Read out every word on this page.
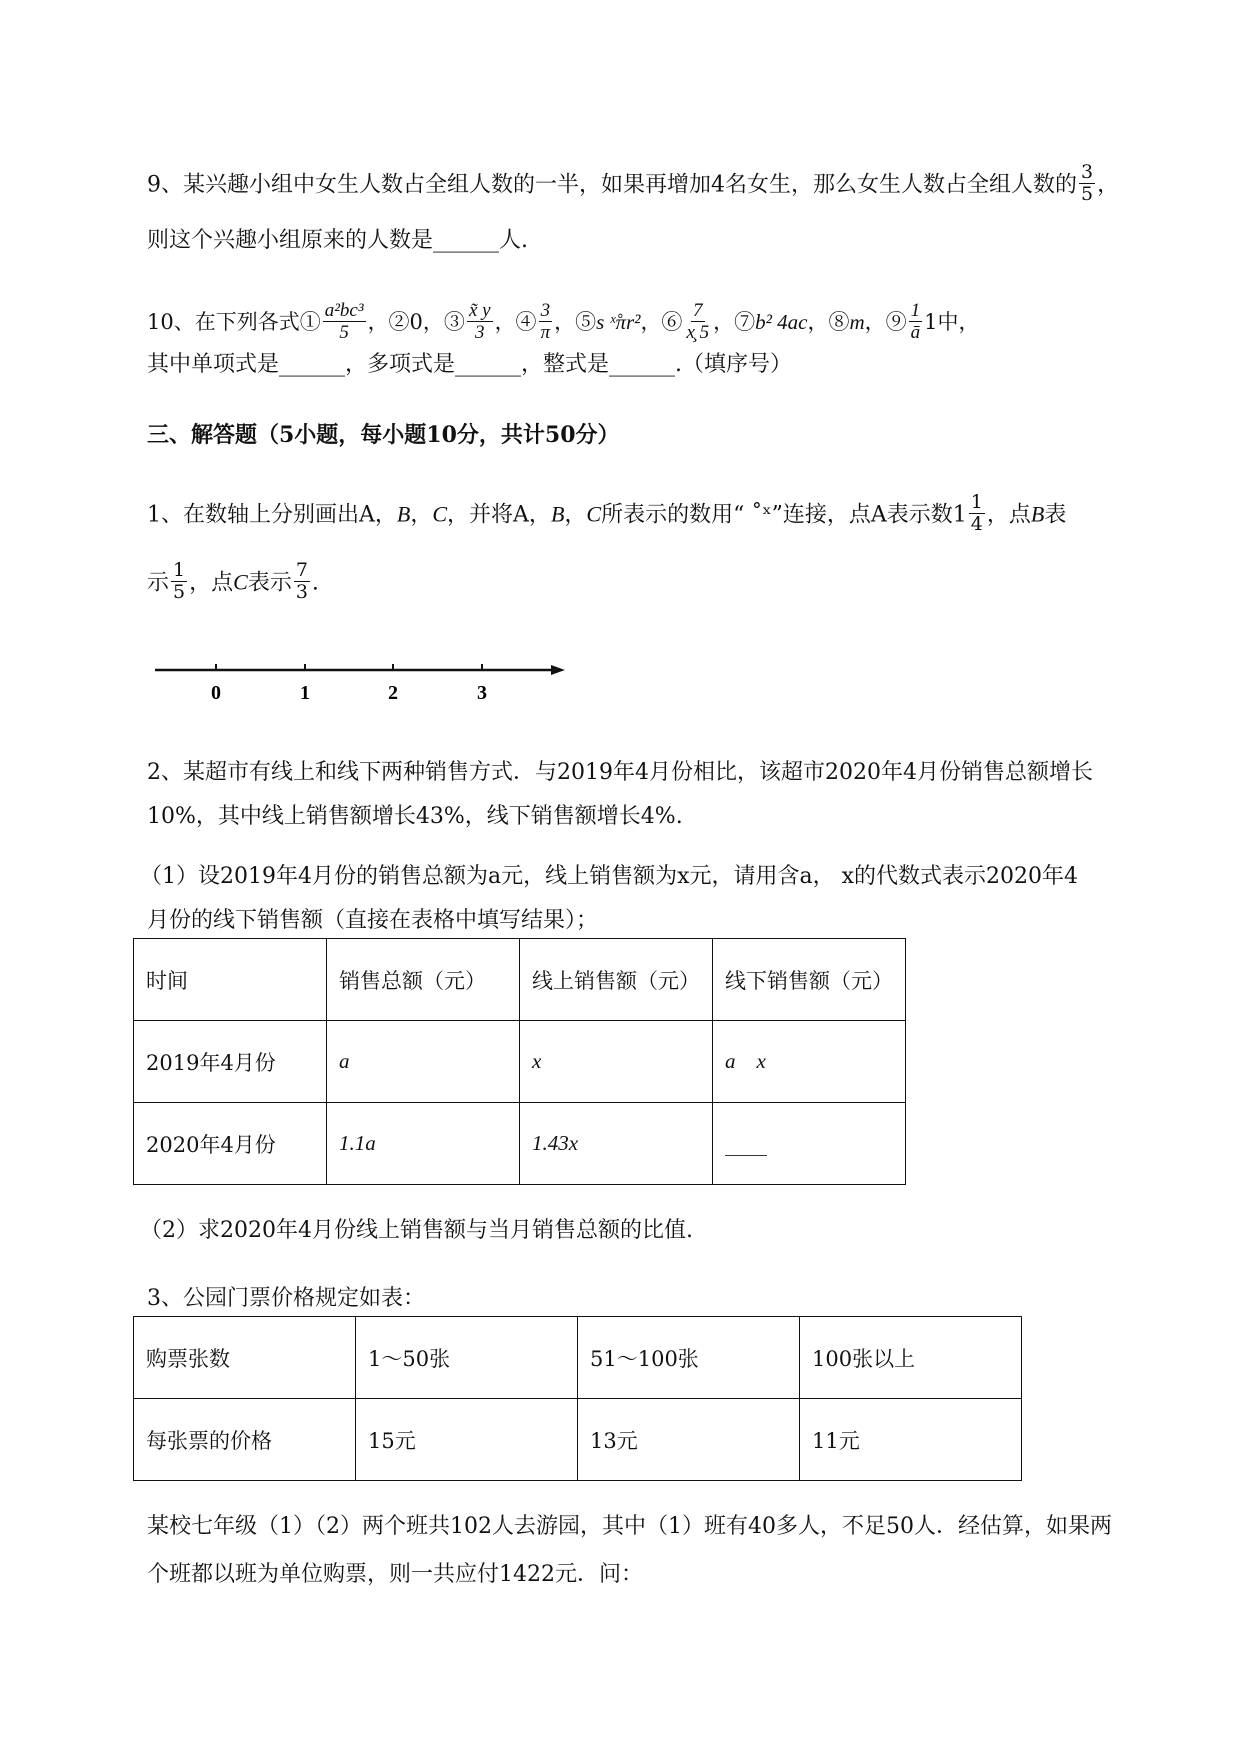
9、某兴趣小组中女生人数占全组人数的一半，如果再增加4名女生，那么女生人数占全组人数的 $\frac{3}{5}$ ，
则这个兴趣小组原来的人数是______人.
10、在下列各式① $\frac{\text{a²bc³}}{5}$ ，②0，③ $\frac{x̃ y}{3}$ ，④ $\frac{3}{\pi}$ ，⑤s ˣ̊πr²，⑥ $\frac{7}{x̧ 5}$ ，⑦b² 4ac，⑧m，⑨ $\frac{1}{ā} 1$中，
其中单项式是______，多项式是______，整式是______.（填序号）
三、解答题（5小题，每小题10分，共计50分）
1、在数轴上分别画出A，B，C，并将A，B，C所表示的数用“ ˚ˣ”连接，点A表示数$1 \frac{1}{4}$ ，点B表
示 $\frac{1}{5}$ ，点C表示 $\frac{7}{3}$ .
0	1	2	3
2、某超市有线上和线下两种销售方式．与2019年4月份相比，该超市2020年4月份销售总额增长
10%，其中线上销售额增长43%，线下销售额增长4%.
（1）设2019年4月份的销售总额为a元，线上销售额为x元，请用含a， x的代数式表示2020年4
月份的线下销售额（直接在表格中填写结果）；
时间	销售总额（元）	线上销售额（元）	线下销售额（元）
2019年4月份	a	x	a    x
2020年4月份	1.1a	1.43x	____
（2）求2020年4月份线上销售额与当月销售总额的比值.
3、公园门票价格规定如表：
购票张数	1～50张	51～100张	100张以上
每张票的价格	15元	13元	11元
某校七年级（1）（2）两个班共102人去游园，其中（1）班有40多人，不足50人．经估算，如果两
个班都以班为单位购票，则一共应付1422元．问：
